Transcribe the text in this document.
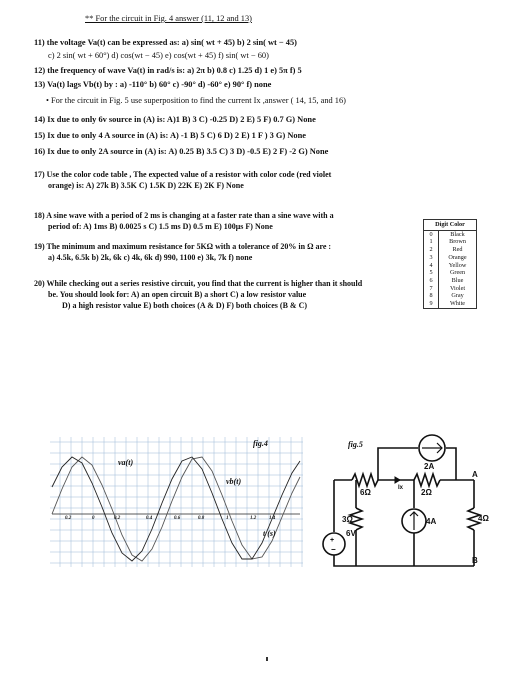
** For the circuit in Fig. 4 answer (11, 12 and 13)
11) the voltage Va(t) can be expressed as: a) sin( wt + 45) b) 2 sin( wt − 45)
c) 2 sin( wt + 60°) d) cos(wt − 45) e) cos(wt + 45) f) sin( wt − 60)
12) the frequency of wave Va(t) in rad/s is: a) 2π b) 0.8 c) 1.25 d) 1 e) 5π f) 5
13) Va(t) lags Vb(t) by : a) -110° b) 60° c) -90° d) -60° e) 90° f) none
• For the circuit in Fig. 5 use superposition to find the current Ix ,answer ( 14, 15, and 16)
14) Ix due to only 6v source in (A) is: A)1 B) 3 C) -0.25 D) 2 E) 5 F) 0.7 G) None
15) Ix due to only 4 A source in (A) is: A) -1 B) 5 C) 6 D) 2 E) 1 F ) 3 G) None
16) Ix due to only 2A source in (A) is: A) 0.25 B) 3.5 C) 3 D) -0.5 E) 2 F) -2 G) None
17) Use the color code table , The expected value of a resistor with color code (red violet
orange) is: A) 27k B) 3.5K C) 1.5K D) 22K E) 2K F) None
18) A sine wave with a period of 2 ms is changing at a faster rate than a sine wave with a
period of: A) 1ms B) 0.0025 s C) 1.5 ms D) 0.5 m E) 100μs F) None
19) The minimum and maximum resistance for 5KΩ with a tolerance of 20% in Ω are :
a) 4.5k, 6.5k b) 2k, 6k c) 4k, 6k d) 990, 1100 e) 3k, 7k f) none
20) While checking out a series resistive circuit, you find that the current is higher than it should
be. You should look for: A) an open circuit B) a short C) a low resistor value
D) a high resistor value E) both choices (A & D) F) both choices (B & C)
Digit Color
0	Black
1	Brown
2	Red
3	Orange
4	Yellow
5	Green
6	Blue
7	Violet
8	Gray
9	White
fig.4
va(t)
vb(t)
t (s)
0.2	0	0.2	0.4	0.6	0.8	1	1.2	1.4
+
−
fig.5
2A
6Ω	Ix 2Ω
A
3Ω
6V
4A	4Ω
B
